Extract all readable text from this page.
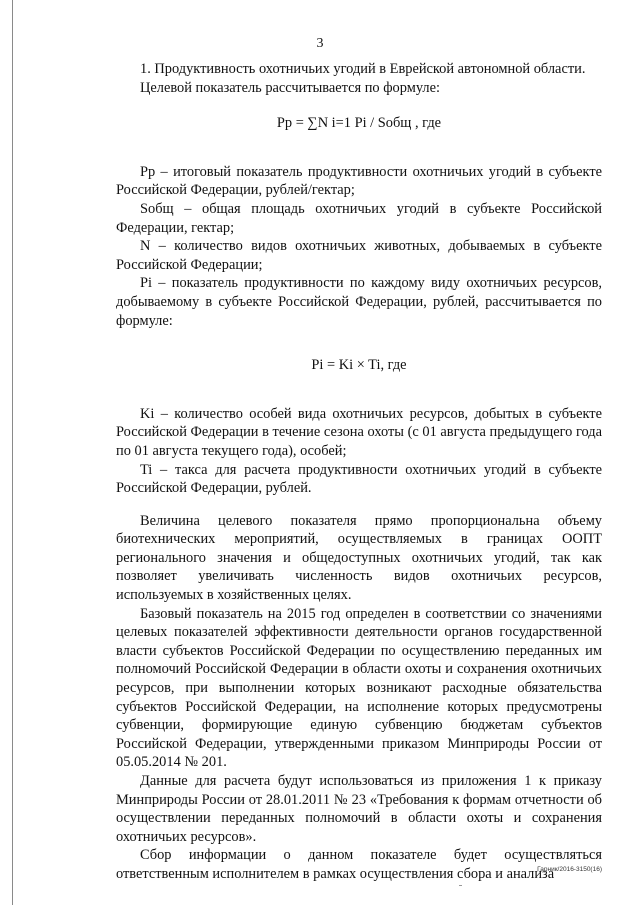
3

1. Продуктивность охотничьих угодий в Еврейской автономной области.

Целевой показатель рассчитывается по формуле:

Pp = ∑N i=1 Pi / Sобщ , где

Pp – итоговый показатель продуктивности охотничьих угодий в субъекте Российской Федерации, рублей/гектар;

Sобщ – общая площадь охотничьих угодий в субъекте Российской Федерации, гектар;

N – количество видов охотничьих животных, добываемых в субъекте Российской Федерации;

Pi – показатель продуктивности по каждому виду охотничьих ресурсов, добываемому в субъекте Российской Федерации, рублей, рассчитывается по формуле:

Pi = Ki × Ti, где

Ki – количество особей вида охотничьих ресурсов, добытых в субъекте Российской Федерации в течение сезона охоты (с 01 августа предыдущего года по 01 августа текущего года), особей;

Ti – такса для расчета продуктивности охотничьих угодий в субъекте Российской Федерации, рублей.

Величина целевого показателя прямо пропорциональна объему биотехнических мероприятий, осуществляемых в границах ООПТ регионального значения и общедоступных охотничьих угодий, так как позволяет увеличивать численность видов охотничьих ресурсов, используемых в хозяйственных целях.

Базовый показатель на 2015 год определен в соответствии со значениями целевых показателей эффективности деятельности органов государственной власти субъектов Российской Федерации по осуществлению переданных им полномочий Российской Федерации в области охоты и сохранения охотничьих ресурсов, при выполнении которых возникают расходные обязательства субъектов Российской Федерации, на исполнение которых предусмотрены субвенции, формирующие единую субвенцию бюджетам субъектов Российской Федерации, утвержденными приказом Минприроды России от 05.05.2014 № 201.

Данные для расчета будут использоваться из приложения 1 к приказу Минприроды России от 28.01.2011 № 23 «Требования к формам отчетности об осуществлении переданных полномочий в области охоты и сохранения охотничьих ресурсов».

Сбор информации о данном показателе будет осуществляться ответственным исполнителем в рамках осуществления сбора и анализа

Гарник/2016-3150(16)
